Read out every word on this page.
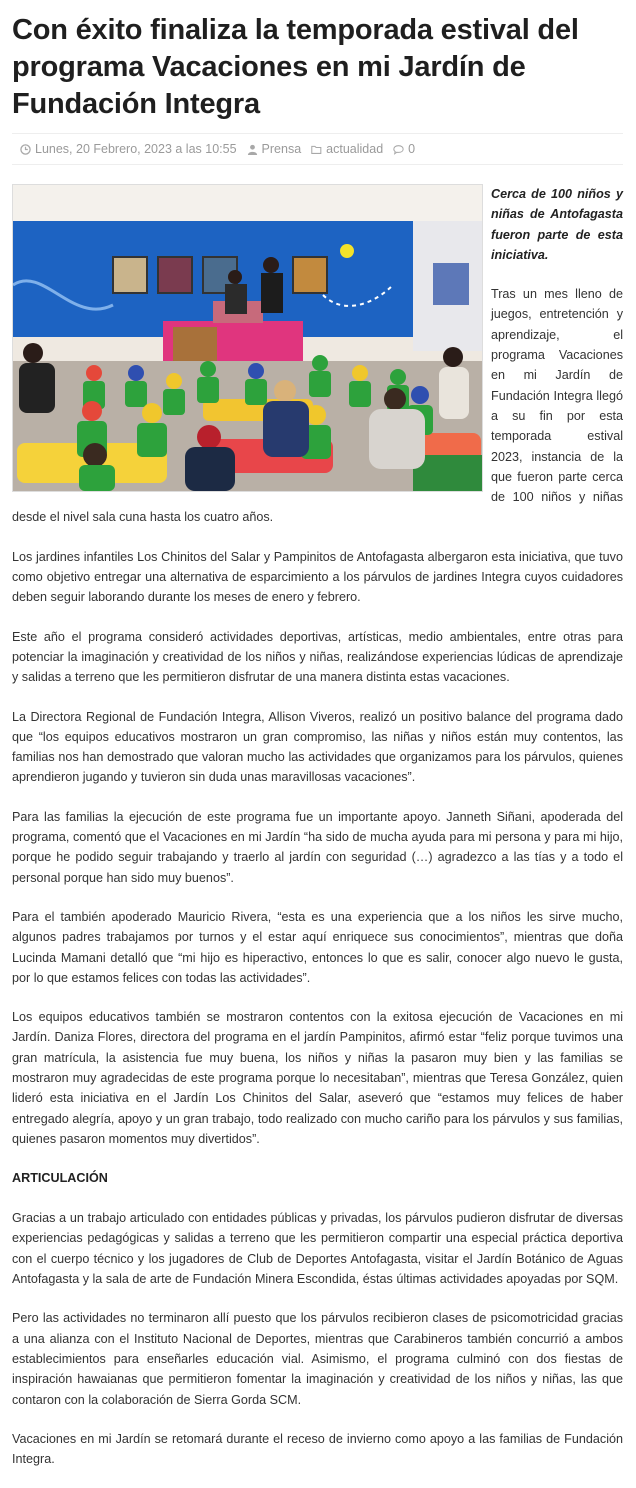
Con éxito finaliza la temporada estival del programa Vacaciones en mi Jardín de Fundación Integra
Lunes, 20 Febrero, 2023 a las 10:55 Prensa actualidad 0

Cerca de 100 niños y niñas de Antofagasta fueron parte de esta iniciativa.

Tras un mes lleno de juegos, entretención y aprendizaje, el programa Vacaciones en mi Jardín de Fundación Integra llegó a su fin por esta temporada estival 2023, instancia de la que fueron parte cerca de 100 niños y niñas desde el nivel sala cuna hasta los cuatro años.

Los jardines infantiles Los Chinitos del Salar y Pampinitos de Antofagasta albergaron esta iniciativa, que tuvo como objetivo entregar una alternativa de esparcimiento a los párvulos de jardines Integra cuyos cuidadores deben seguir laborando durante los meses de enero y febrero.

Este año el programa consideró actividades deportivas, artísticas, medio ambientales, entre otras para potenciar la imaginación y creatividad de los niños y niñas, realizándose experiencias lúdicas de aprendizaje y salidas a terreno que les permitieron disfrutar de una manera distinta estas vacaciones.

La Directora Regional de Fundación Integra, Allison Viveros, realizó un positivo balance del programa dado que “los equipos educativos mostraron un gran compromiso, las niñas y niños están muy contentos, las familias nos han demostrado que valoran mucho las actividades que organizamos para los párvulos, quienes aprendieron jugando y tuvieron sin duda unas maravillosas vacaciones”.

Para las familias la ejecución de este programa fue un importante apoyo. Janneth Siñani, apoderada del programa, comentó que el Vacaciones en mi Jardín “ha sido de mucha ayuda para mi persona y para mi hijo, porque he podido seguir trabajando y traerlo al jardín con seguridad (…) agradezco a las tías y a todo el personal porque han sido muy buenos”.

Para el también apoderado Mauricio Rivera, “esta es una experiencia que a los niños les sirve mucho, algunos padres trabajamos por turnos y el estar aquí enriquece sus conocimientos”, mientras que doña Lucinda Mamani detalló que “mi hijo es hiperactivo, entonces lo que es salir, conocer algo nuevo le gusta, por lo que estamos felices con todas las actividades”.

Los equipos educativos también se mostraron contentos con la exitosa ejecución de Vacaciones en mi Jardín. Daniza Flores, directora del programa en el jardín Pampinitos, afirmó estar “feliz porque tuvimos una gran matrícula, la asistencia fue muy buena, los niños y niñas la pasaron muy bien y las familias se mostraron muy agradecidas de este programa porque lo necesitaban”, mientras que Teresa González, quien lideró esta iniciativa en el Jardín Los Chinitos del Salar, aseveró que “estamos muy felices de haber entregado alegría, apoyo y un gran trabajo, todo realizado con mucho cariño para los párvulos y sus familias, quienes pasaron momentos muy divertidos”.

ARTICULACIÓN

Gracias a un trabajo articulado con entidades públicas y privadas, los párvulos pudieron disfrutar de diversas experiencias pedagógicas y salidas a terreno que les permitieron compartir una especial práctica deportiva con el cuerpo técnico y los jugadores de Club de Deportes Antofagasta, visitar el Jardín Botánico de Aguas Antofagasta y la sala de arte de Fundación Minera Escondida, éstas últimas actividades apoyadas por SQM.

Pero las actividades no terminaron allí puesto que los párvulos recibieron clases de psicomotricidad gracias a una alianza con el Instituto Nacional de Deportes, mientras que Carabineros también concurrió a ambos establecimientos para enseñarles educación vial. Asimismo, el programa culminó con dos fiestas de inspiración hawaianas que permitieron fomentar la imaginación y creatividad de los niños y niñas, las que contaron con la colaboración de Sierra Gorda SCM.

Vacaciones en mi Jardín se retomará durante el receso de invierno como apoyo a las familias de Fundación Integra.
